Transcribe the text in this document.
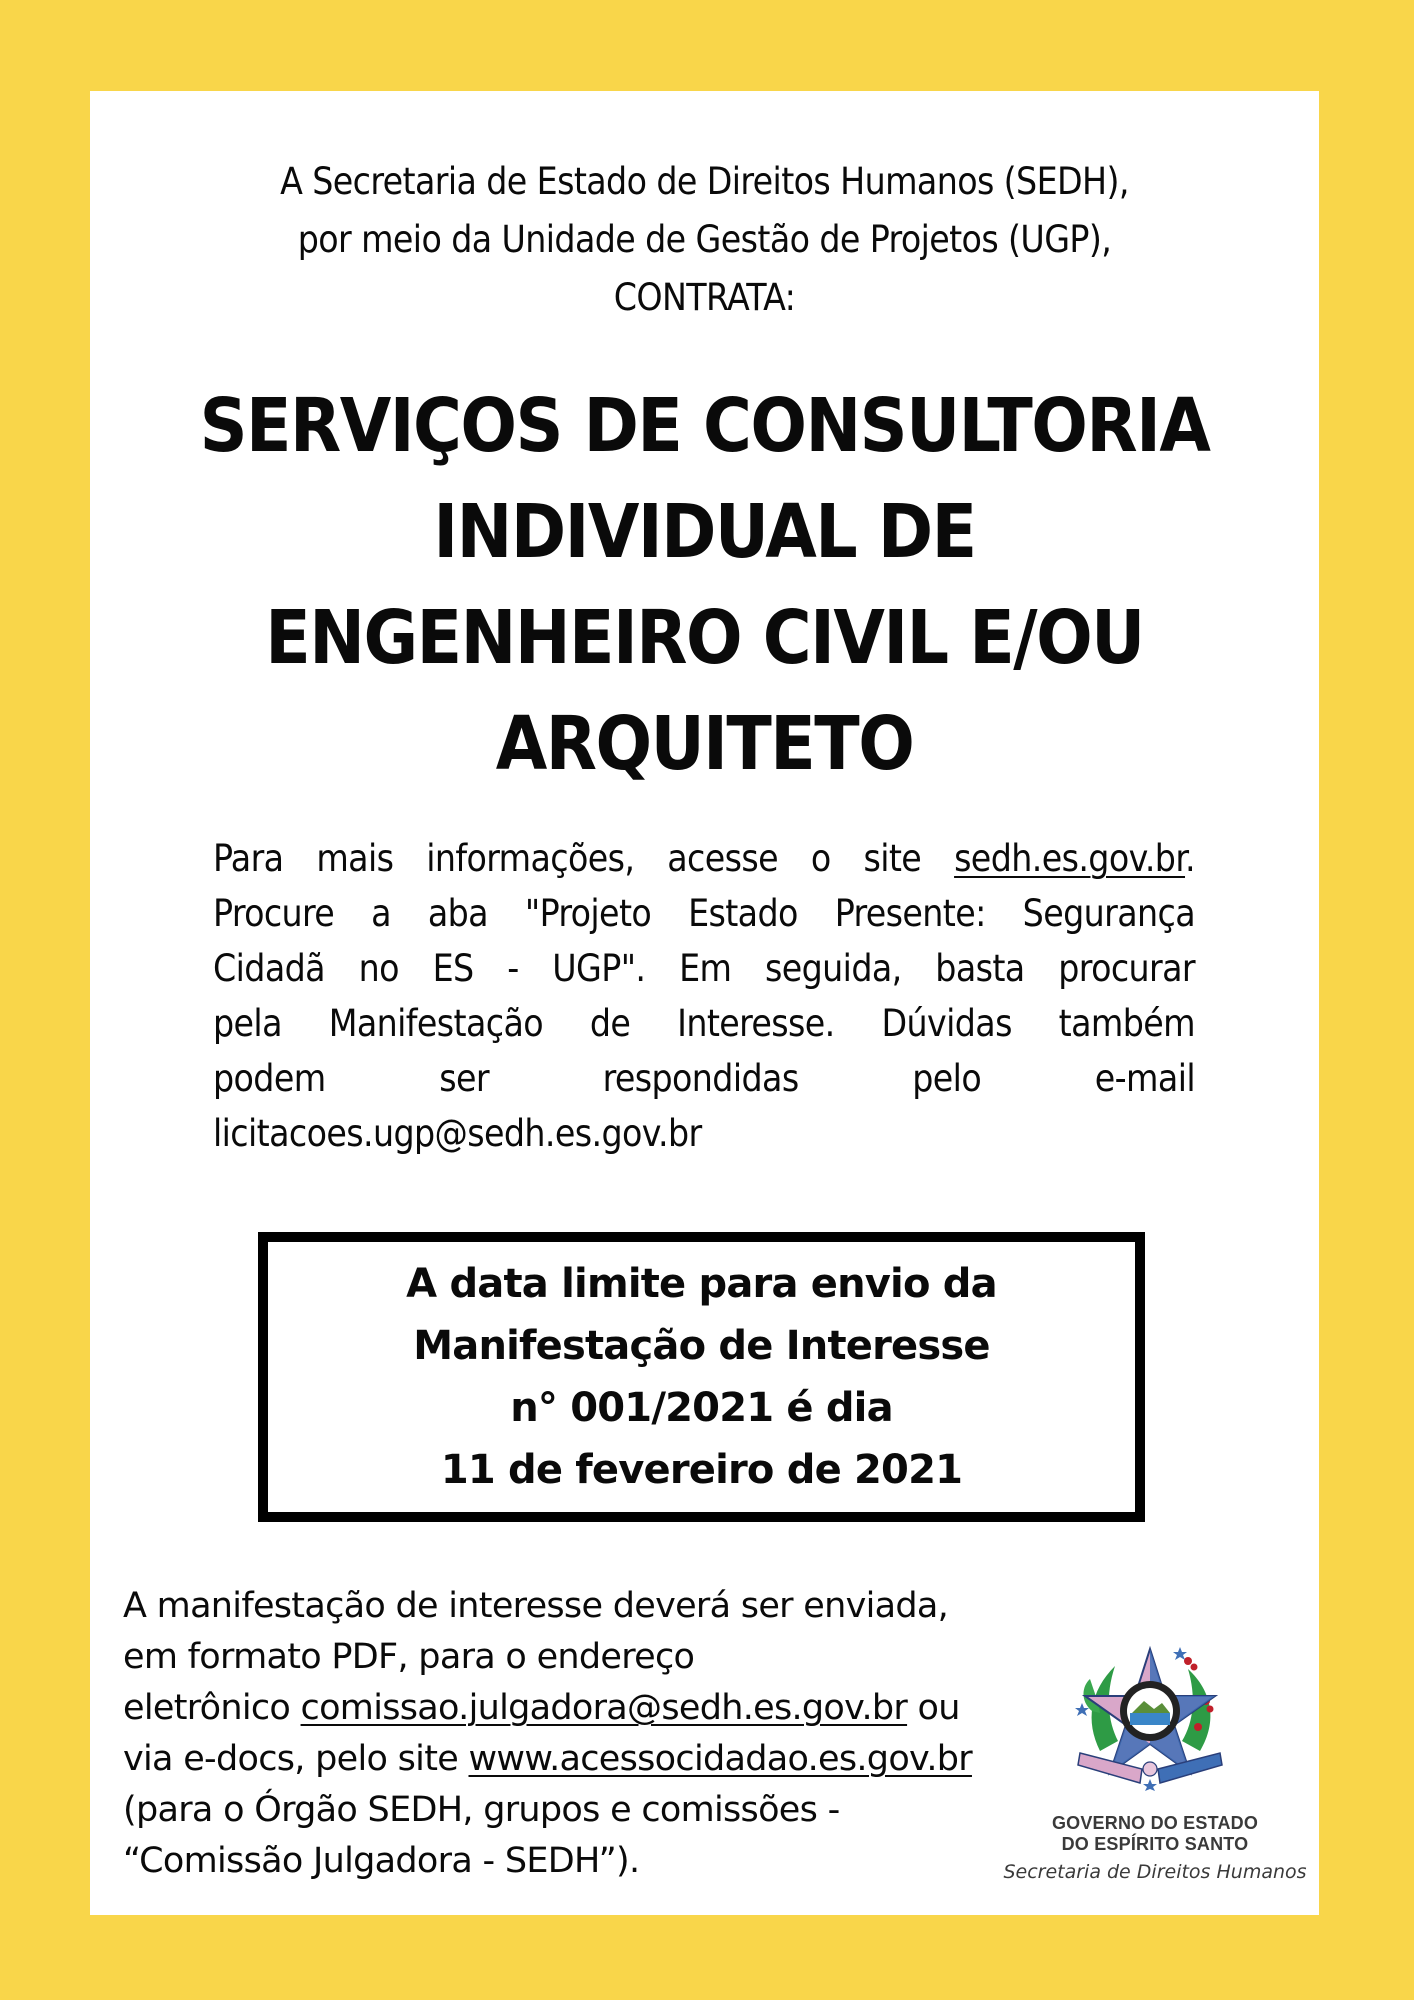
A Secretaria de Estado de Direitos Humanos (SEDH),
por meio da Unidade de Gestão de Projetos (UGP),
CONTRATA:
SERVIÇOS DE CONSULTORIA
INDIVIDUAL DE
ENGENHEIRO CIVIL E/OU
ARQUITETO
Para mais informações, acesse o site sedh.es.gov.br.
Procure a aba "Projeto Estado Presente: Segurança
Cidadã no ES - UGP". Em seguida, basta procurar
pela Manifestação de Interesse. Dúvidas também
podem ser respondidas pelo e-mail
licitacoes.ugp@sedh.es.gov.br
A data limite para envio da
Manifestação de Interesse
n° 001/2021 é dia
11 de fevereiro de 2021
A manifestação de interesse deverá ser enviada,
em formato PDF, para o endereço
eletrônico comissao.julgadora@sedh.es.gov.br ou
via e-docs, pelo site www.acessocidadao.es.gov.br
(para o Órgão SEDH, grupos e comissões -
“Comissão Julgadora - SEDH”).
GOVERNO DO ESTADO
DO ESPÍRITO SANTO
Secretaria de Direitos Humanos
